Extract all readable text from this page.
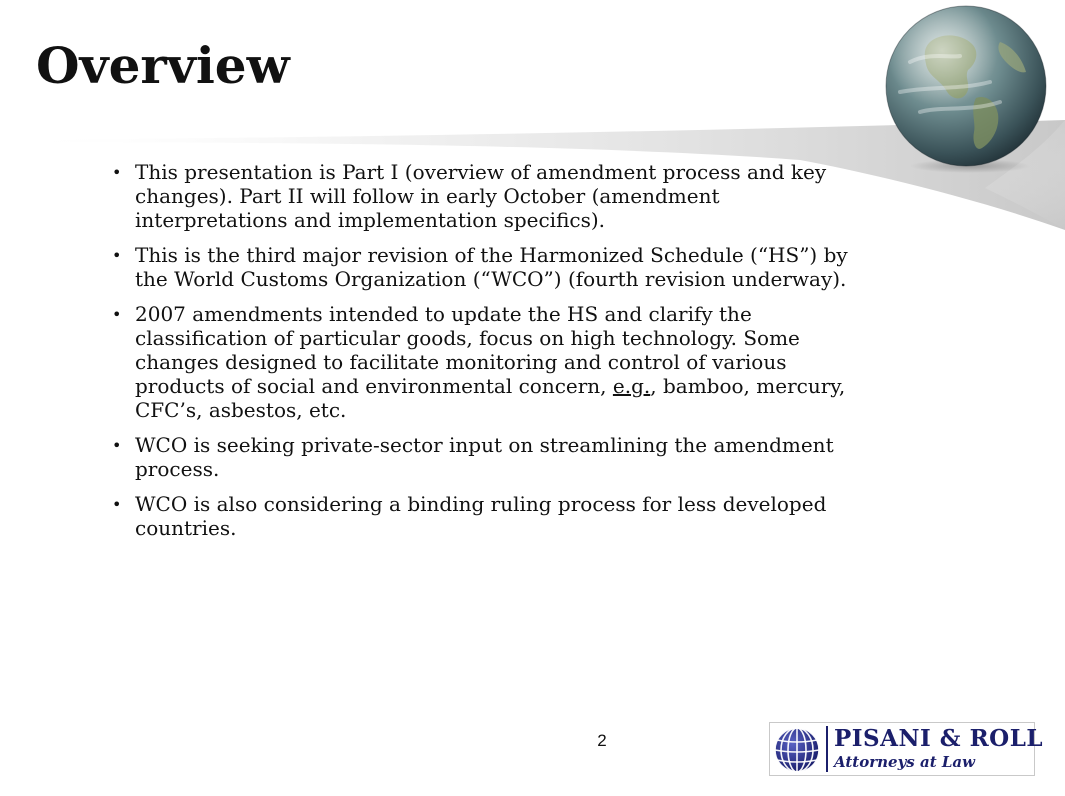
Overview
• This presentation is Part I (overview of amendment process and key changes). Part II will follow in early October (amendment interpretations and implementation specifics).
• This is the third major revision of the Harmonized Schedule (“HS”) by the World Customs Organization (“WCO”) (fourth revision underway).
• 2007 amendments intended to update the HS and clarify the classification of particular goods, focus on high technology. Some changes designed to facilitate monitoring and control of various products of social and environmental concern, e.g., bamboo, mercury, CFC’s, asbestos, etc.
• WCO is seeking private-sector input on streamlining the amendment process.
• WCO is also considering a binding ruling process for less developed countries.
2	PISANI & ROLL
Attorneys at Law
